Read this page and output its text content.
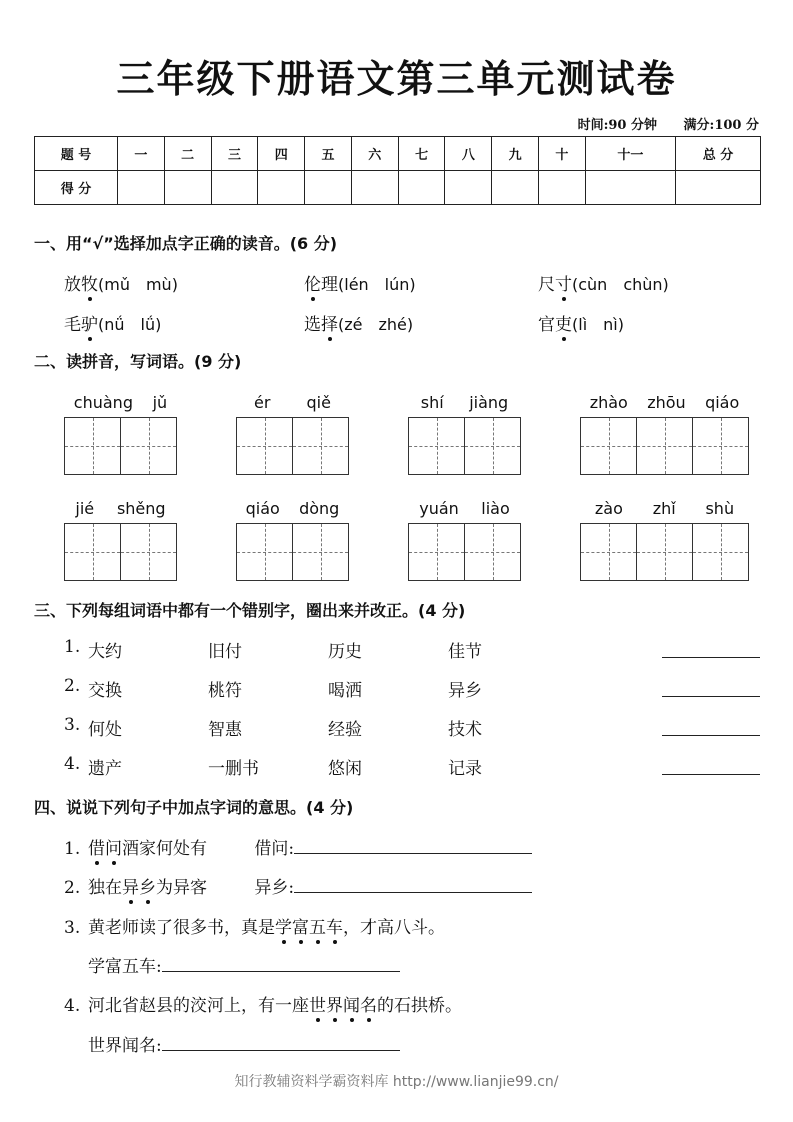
三年级下册语文第三单元测试卷
时间:90 分钟 满分:100 分
题 号	一	二	三	四	五	六	七	八	九	十	十一	总 分
得 分												
一、用“√”选择加点字正确的读音。(6 分)
放牧(mǔ　mù)	伦理(lén　lún)	尺寸(cùn　chùn)
毛驴(nǘ　lǘ)	选择(zé　zhé)	官吏(lì　nì)
二、读拼音，写词语。(9 分)
chuàng jǔ	ér qiě	shí jiàng	zhào zhōu qiáo
jié shěng	qiáo dòng	yuán liào	zào zhǐ shù
三、下列每组词语中都有一个错别字，圈出来并改正。(4 分)
1. 大约	旧付	历史	佳节
2. 交换	桃符	喝洒	异乡
3. 何处	智惠	经验	技术
4. 遗产	一删书	悠闲	记录
四、说说下列句子中加点字词的意思。(4 分)
1. 借问酒家何处有	借问:
2. 独在异乡为异客	异乡:
3. 黄老师读了很多书，真是学富五车，才高八斗。
学富五车:
4. 河北省赵县的洨河上，有一座世界闻名的石拱桥。
世界闻名:
知行教辅资料学霸资料库 http://www.lianjie99.cn/
